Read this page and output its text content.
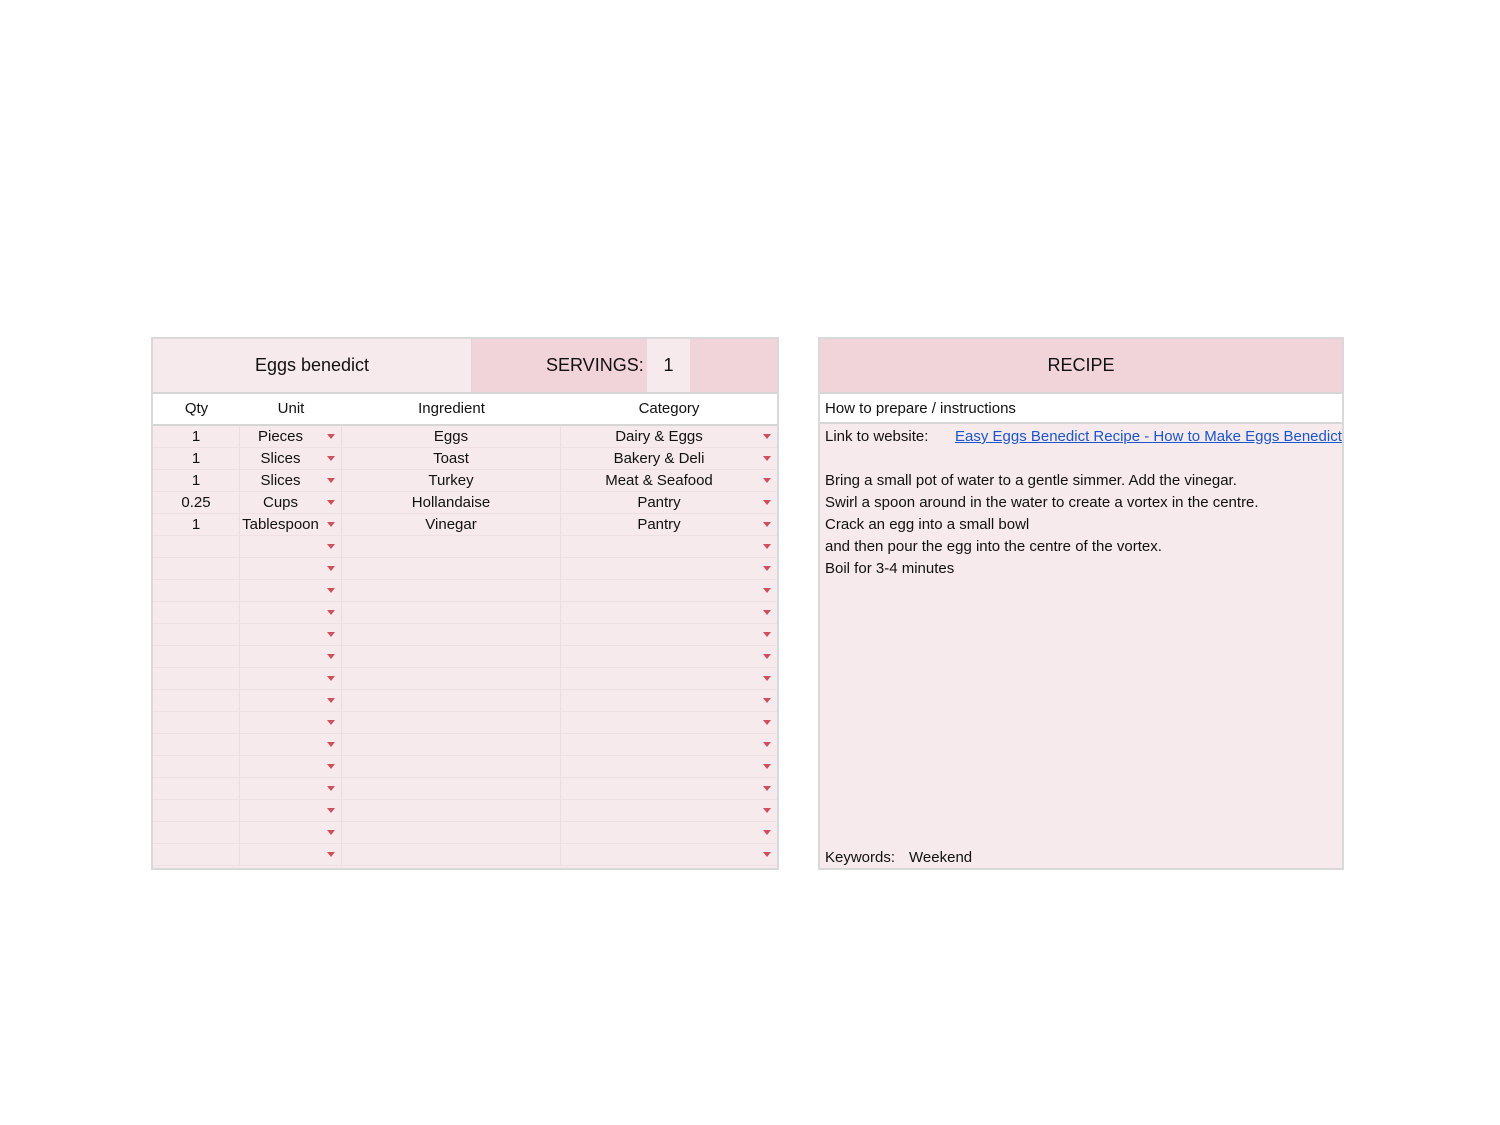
Eggs benedict	SERVINGS:	1
Qty	Unit	Ingredient	Category
1	Pieces	Eggs	Dairy & Eggs
1	Slices	Toast	Bakery & Deli
1	Slices	Turkey	Meat & Seafood
0.25	Cups	Hollandaise	Pantry
1	Tablespoon	Vinegar	Pantry
RECIPE
How to prepare / instructions
Link to website: Easy Eggs Benedict Recipe - How to Make Eggs Benedict
Bring a small pot of water to a gentle simmer. Add the vinegar.
Swirl a spoon around in the water to create a vortex in the centre.
Crack an egg into a small bowl
and then pour the egg into the centre of the vortex.
Boil for 3-4 minutes
Keywords: Weekend
